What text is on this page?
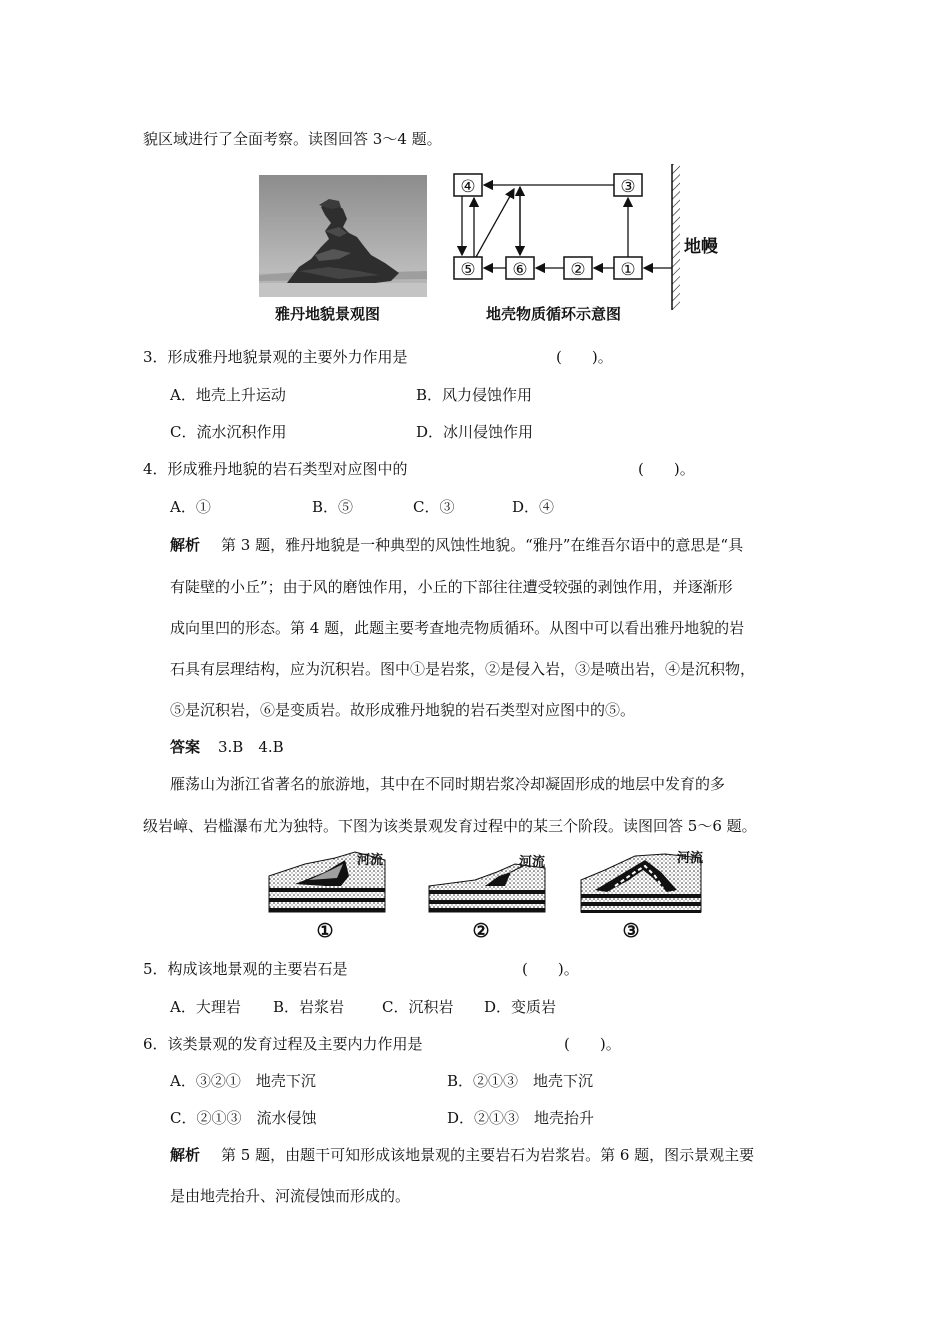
貌区域进行了全面考察。读图回答 3～4 题。
雅丹地貌景观图
④	③
⑤ ⑥	② ①
地幔
地壳物质循环示意图
3．形成雅丹地貌景观的主要外力作用是	(　　)。
A．地壳上升运动	B．风力侵蚀作用
C．流水沉积作用	D．冰川侵蚀作用
4．形成雅丹地貌的岩石类型对应图中的	(　　)。
A．①	B．⑤	C．③	D．④
解析 第 3 题，雅丹地貌是一种典型的风蚀性地貌。“雅丹”在维吾尔语中的意思是“具
有陡壁的小丘”；由于风的磨蚀作用，小丘的下部往往遭受较强的剥蚀作用，并逐渐形
成向里凹的形态。第 4 题，此题主要考查地壳物质循环。从图中可以看出雅丹地貌的岩
石具有层理结构，应为沉积岩。图中①是岩浆，②是侵入岩，③是喷出岩，④是沉积物，
⑤是沉积岩，⑥是变质岩。故形成雅丹地貌的岩石类型对应图中的⑤。
答案 3.B　4.B
雁荡山为浙江省著名的旅游地，其中在不同时期岩浆冷却凝固形成的地层中发育的多
级岩嶂、岩槛瀑布尤为独特。下图为该类景观发育过程中的某三个阶段。读图回答 5～6 题。
河流	河流	河流
①	②	③
5．构成该地景观的主要岩石是	(　　)。
A．大理岩 B．岩浆岩	C．沉积岩 D．变质岩
6．该类景观的发育过程及主要内力作用是	(　　)。
A．③②①　地壳下沉	B．②①③　地壳下沉
C．②①③　流水侵蚀	D．②①③　地壳抬升
解析 第 5 题，由题干可知形成该地景观的主要岩石为岩浆岩。第 6 题，图示景观主要
是由地壳抬升、河流侵蚀而形成的。
